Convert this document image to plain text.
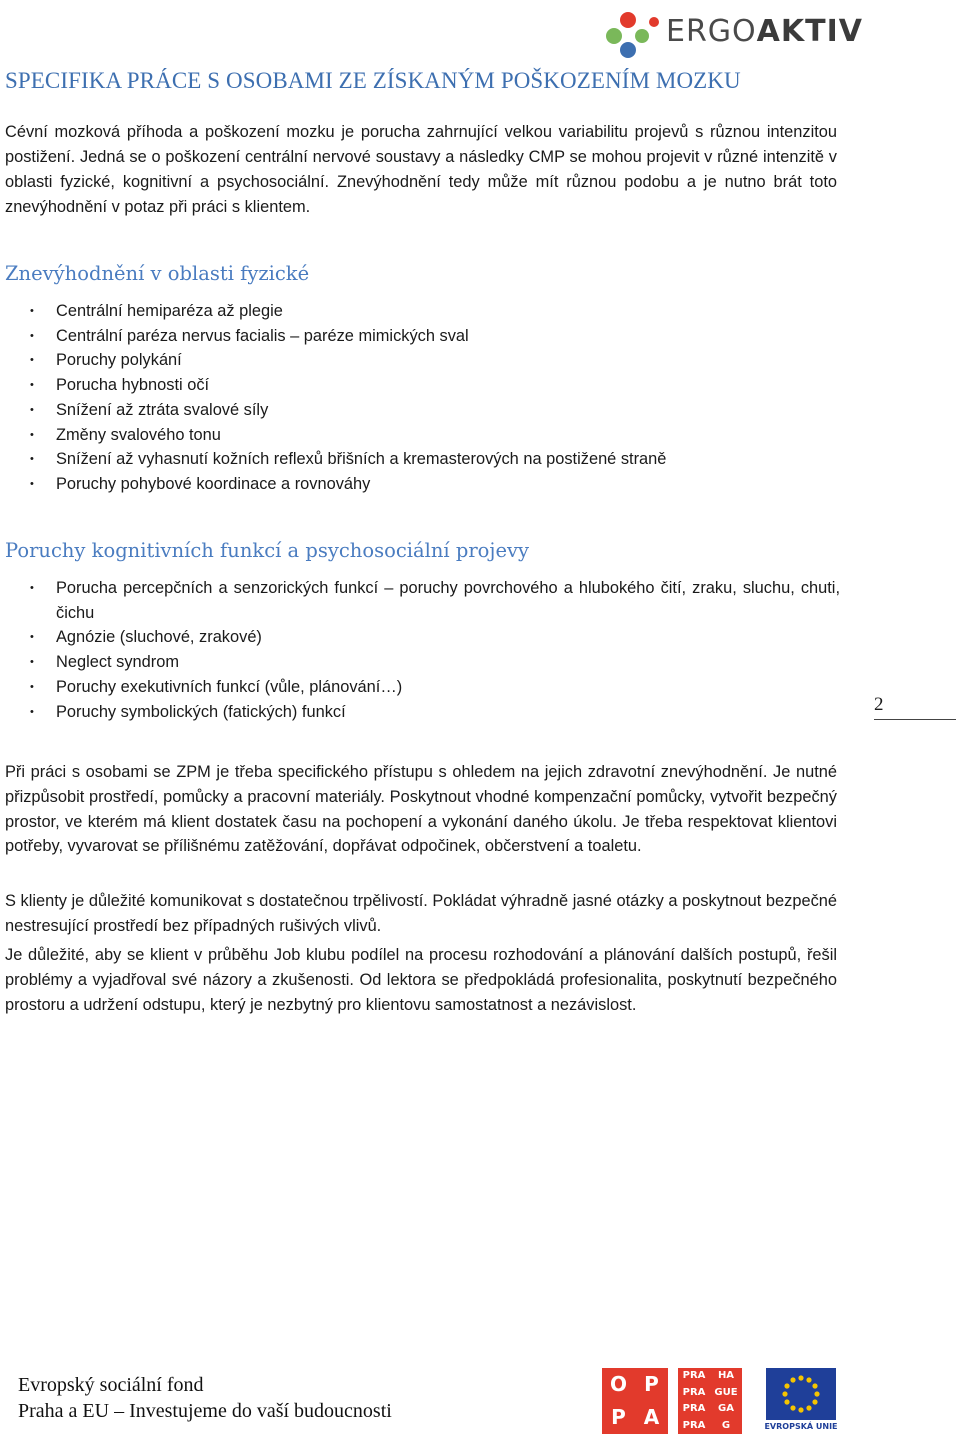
ERGOAKTIV
SPECIFIKA PRÁCE S OSOBAMI ZE ZÍSKANÝM POŠKOZENÍM MOZKU
Cévní mozková příhoda a poškození mozku je porucha zahrnující velkou variabilitu projevů s různou intenzitou postižení. Jedná se o poškození centrální nervové soustavy a následky CMP se mohou projevit v různé intenzitě v oblasti fyzické, kognitivní a psychosociální. Znevýhodnění tedy může mít různou podobu a je nutno brát toto znevýhodnění v potaz při práci s klientem.
Znevýhodnění v oblasti fyzické
• Centrální hemiparéza až plegie
• Centrální paréza nervus facialis – paréze mimických sval
• Poruchy polykání
• Porucha hybnosti očí
• Snížení až ztráta svalové síly
• Změny svalového tonu
• Snížení až vyhasnutí kožních reflexů břišních a kremasterových na postižené straně
• Poruchy pohybové koordinace a rovnováhy
Poruchy kognitivních funkcí a psychosociální projevy
• Porucha percepčních a senzorických funkcí – poruchy povrchového a hlubokého čití, zraku, sluchu, chuti, čichu
• Agnózie (sluchové, zrakové)
• Neglect syndrom
• Poruchy exekutivních funkcí (vůle, plánování…)
• Poruchy symbolických (fatických) funkcí	2

Při práci s osobami se ZPM je třeba specifického přístupu s ohledem na jejich zdravotní znevýhodnění. Je nutné přizpůsobit prostředí, pomůcky a pracovní materiály. Poskytnout vhodné kompenzační pomůcky, vytvořit bezpečný prostor, ve kterém má klient dostatek času na pochopení a vykonání daného úkolu. Je třeba respektovat klientovi potřeby, vyvarovat se přílišnému zatěžování, dopřávat odpočinek, občerstvení a toaletu.

S klienty je důležité komunikovat s dostatečnou trpělivostí. Pokládat výhradně jasné otázky a poskytnout bezpečné nestresující prostředí bez případných rušivých vlivů.

Je důležité, aby se klient v průběhu Job klubu podílel na procesu rozhodování a plánování dalších postupů, řešil problémy a vyjadřoval své názory a zkušenosti. Od lektora se předpokládá profesionalita, poskytnutí bezpečného prostoru a udržení odstupu, který je nezbytný pro klientovu samostatnost a nezávislost.

Evropský sociální fond
Praha a EU – Investujeme do vaší budoucnosti
O P
P A
PRA	HA
PRA GUE
PRA	GA
PRA	G	EVROPSKÁ UNIE
